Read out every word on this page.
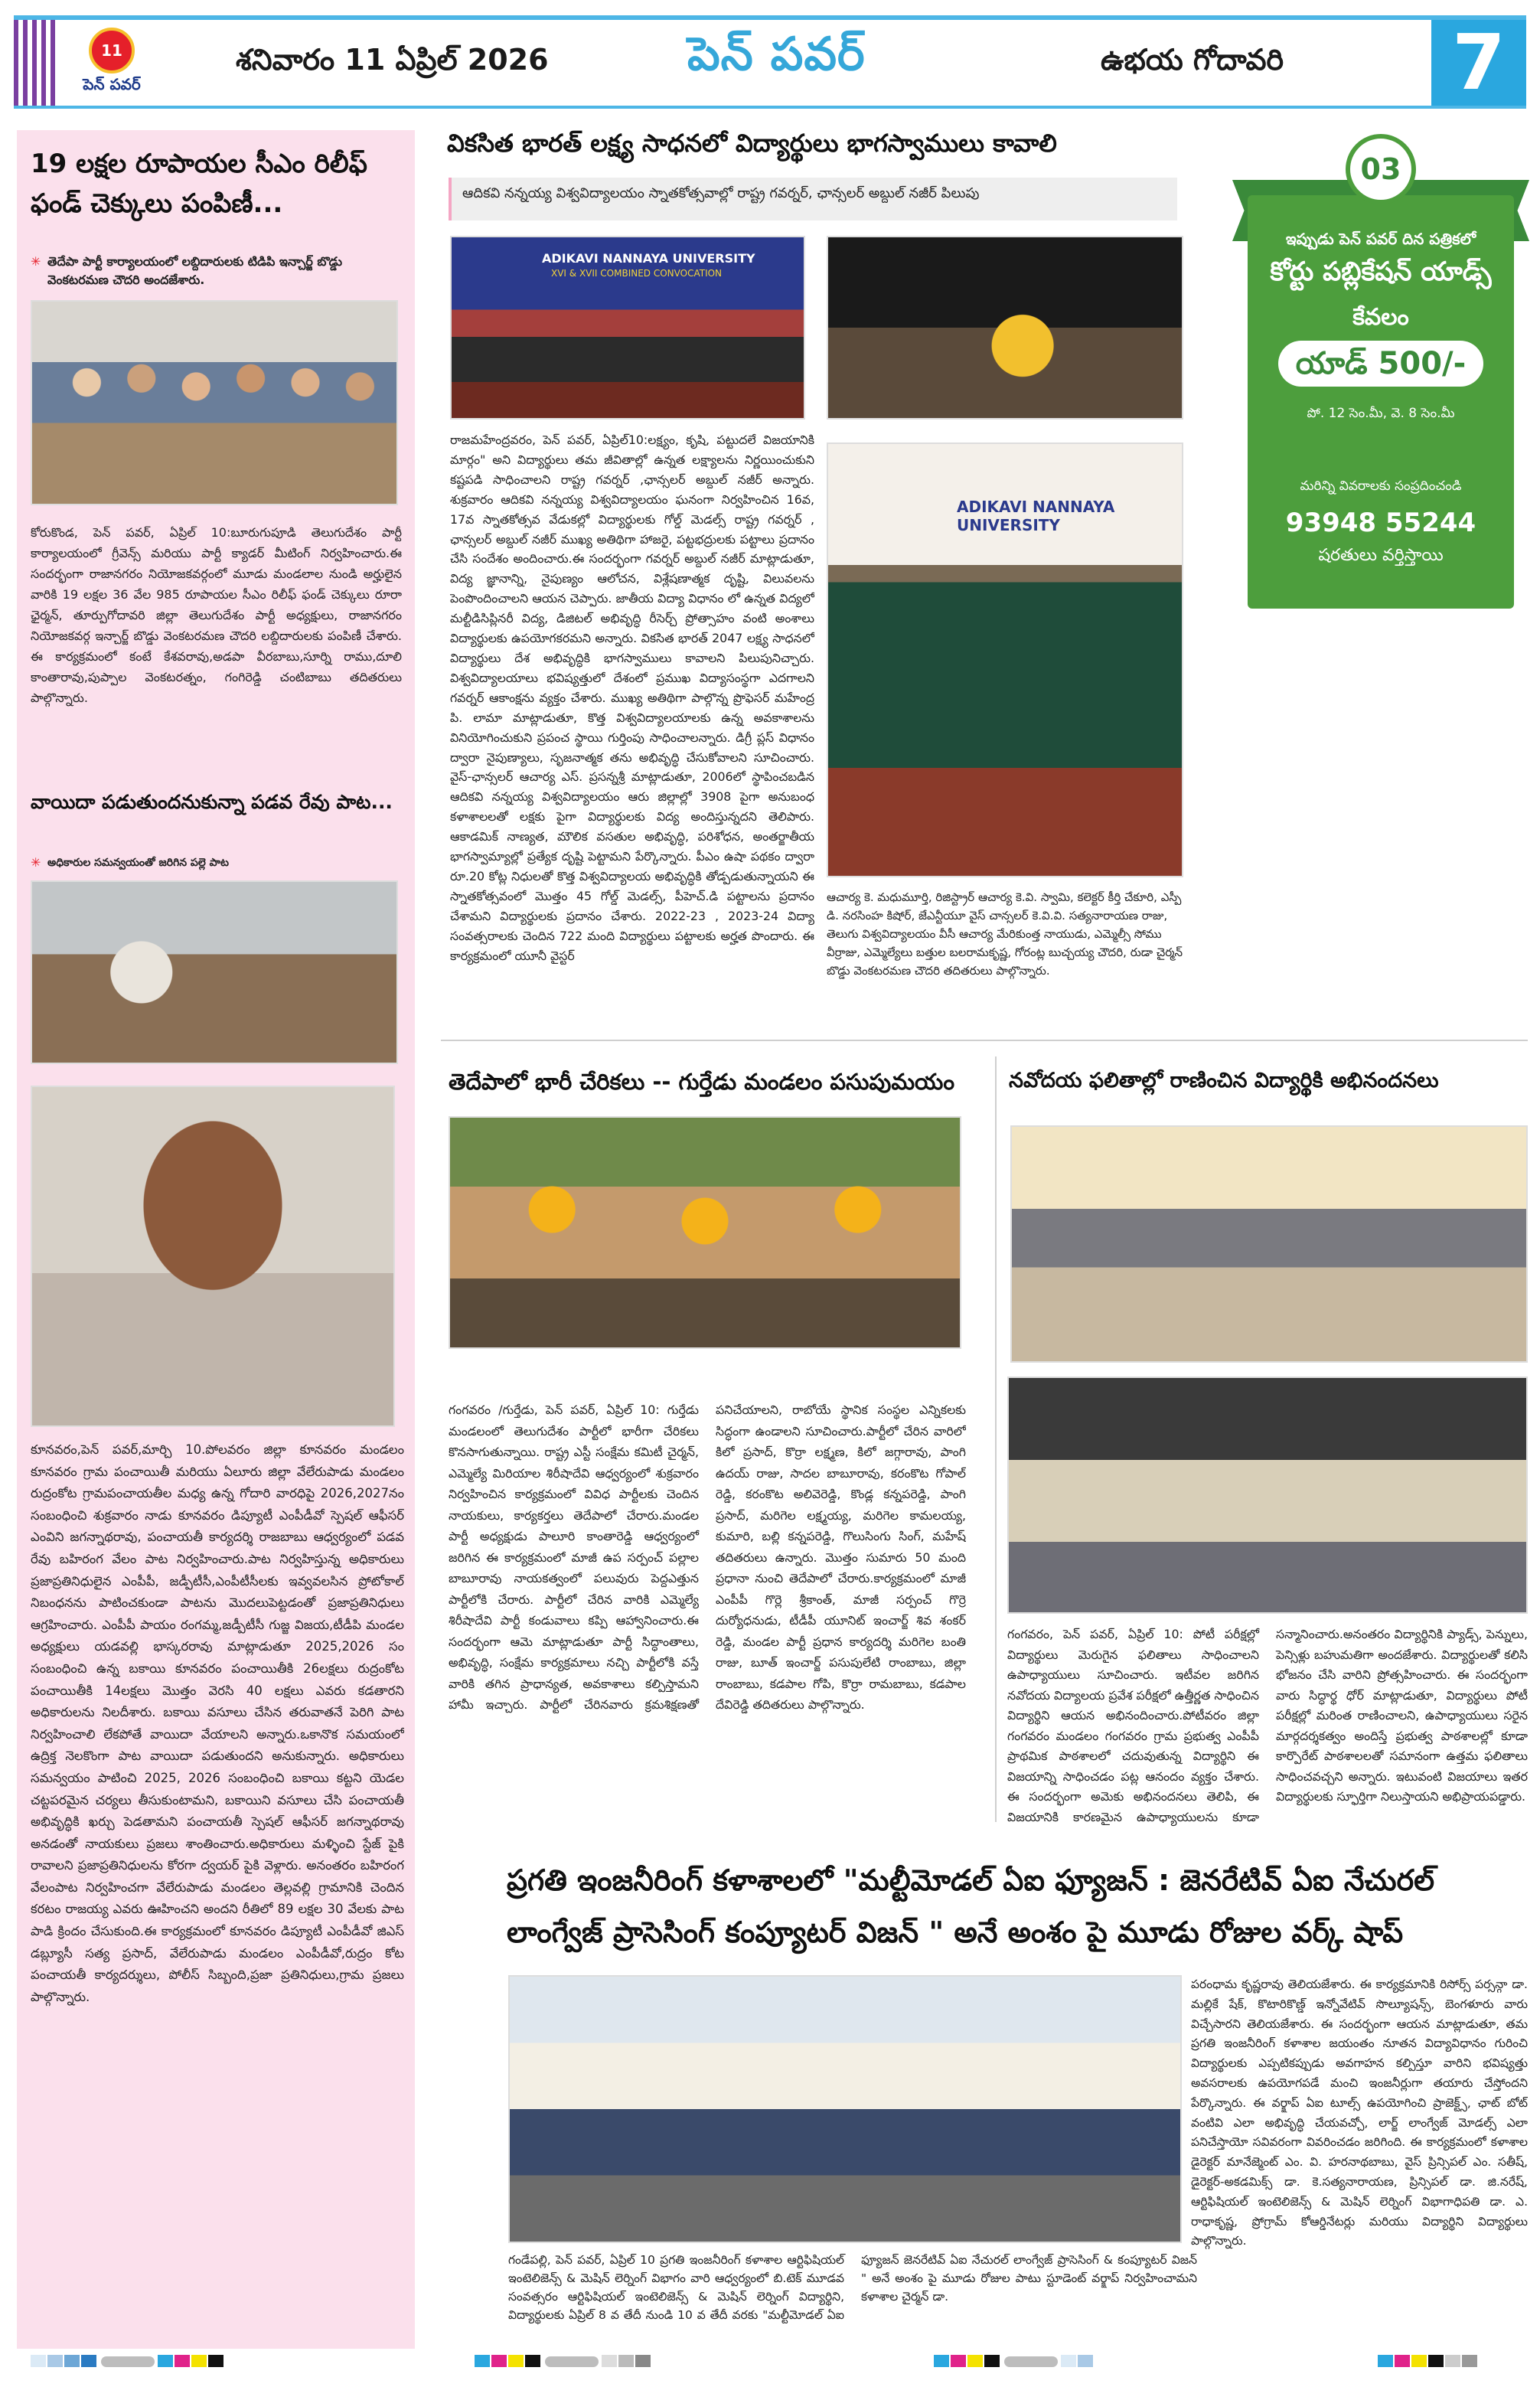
11
పెన్ పవర్
శనివారం 11 ఏప్రిల్ 2026	పెన్ పవర్	ఉభయ గోదావరి 7
19 లక్షల రూపాయల సీఎం రిలీఫ్ ఫండ్ చెక్కులు పంపిణీ...
✳ తెదేపా పార్టీ కార్యాలయంలో లబ్దిదారులకు టిడిపి ఇన్చార్జ్ బొడ్డు వెంకటరమణ చౌదరి అందజేశారు.
కోరుకొండ, పెన్ పవర్, ఏప్రిల్ 10:బూరుగుపూడి తెలుగుదేశం పార్టీ కార్యాలయంలో గ్రీవెన్స్ మరియు పార్టీ క్యాడర్ మీటింగ్ నిర్వహించారు.ఈ సందర్భంగా రాజానగరం నియోజకవర్గంలో మూడు మండలాల నుండి అర్హులైన వారికి 19 లక్షల 36 వేల 985 రూపాయల సీఎం రిలీఫ్ ఫండ్ చెక్కులు రూరా ఛైర్మన్, తూర్పుగోదావరి జిల్లా తెలుగుదేశం పార్టీ అధ్యక్షులు, రాజానగరం నియోజకవర్గ ఇన్చార్జ్ బొడ్డు వెంకటరమణ చౌదరి లబ్దిదారులకు పంపిణీ చేశారు. ఈ కార్యక్రమంలో కంటే కేశవరావు,అడపా వీరబాబు,సూర్ని రాము,దూలి కాంతారావు,పుప్పాల వెంకటరత్నం, గంగిరెడ్డి చంటిబాబు తదితరులు పాల్గొన్నారు.
వాయిదా పడుతుందనుకున్నా పడవ రేవు పాట...
✳ అధికారుల సమన్వయంతో జరిగిన పల్లె పాట
✳
✳
కూనవరం,పెన్ పవర్,మార్చి 10.పోలవరం జిల్లా కూనవరం మండలం కూనవరం గ్రామ పంచాయితీ మరియు ఏలూరు జిల్లా వేలేరుపాడు మండలం రుద్రంకోట గ్రామపంచాయతీల మధ్య ఉన్న గోదారి వారధిపై 2026,2027నం సంబంధించి శుక్రవారం నాడు కూనవరం డిప్యూటీ ఎంపీడీవో స్పెషల్ ఆఫీసర్ ఎంవిని జగన్నాథరావు, పంచాయతీ కార్యదర్శి రాజబాబు ఆధ్వర్యంలో పడవ రేవు బహిరంగ వేలం పాట నిర్వహించారు.పాట నిర్వహిస్తున్న అధికారులు ప్రజాప్రతినిధులైన ఎంపీపీ, జడ్పీటీసీ,ఎంపీటీసీలకు ఇవ్వవలసిన ప్రోటోకాల్ నిబంధనను పాటించకుండా పాటను మొదలుపెట్టడంతో ప్రజాప్రతినిధులు ఆగ్రహించారు. ఎంపీపీ పాయం రంగమ్మ,జడ్పీటీసీ గుజ్జ విజయ,టీడీపి మండల అధ్యక్షులు యడవల్లి భాస్కరరావు మాట్లాడుతూ 2025,2026 సం సంబంధించి ఉన్న బకాయి కూనవరం పంచాయితీకి 26లక్షలు రుద్రంకోట పంచాయితీకి 14లక్షలు మొత్తం వెరసి 40 లక్షలు ఎవరు కడతారని అధికారులను నిలదీశారు. బకాయి వసూలు చేసిన తరువాతనే పెరిగి పాట నిర్వహించాలి లేకపోతే వాయిదా వేయాలని అన్నారు.ఒకానొక సమయంలో ఉద్రిక్త నెలకొంగా పాట వాయిదా పడుతుందని అనుకున్నారు. అధికారులు సమన్వయం పాటించి 2025, 2026 సంబంధించి బకాయి కట్టని యెడల చట్టపరమైన చర్యలు తీసుకుంటామని, బకాయిని వసూలు చేసి పంచాయతీ అభివృద్ధికి ఖర్చు పెడతామని పంచాయతీ స్పెషల్ ఆఫీసర్ జగన్నాథరావు అనడంతో నాయకులు ప్రజలు శాంతించారు.అధికారులు మళ్ళించి స్టేజ్ పైకి రావాలని ప్రజాప్రతినిధులను కోరగా ద్వయర్ పైకి వెళ్లారు. అనంతరం బహిరంగ వేలంపాట నిర్వహించగా వేలేరుపాడు మండలం తెల్లవల్లి గ్రామానికి చెందిన కరటం రాజయ్య ఎవరు ఊహించని అందని రీతిలో 89 లక్షల 30 వేలకు పాట పాడి క్రిందం చేసుకుంది.ఈ కార్యక్రమంలో కూనవరం డిప్యూటీ ఎంపీడీవో జిఎస్ డబ్ల్యూసీ సత్య ప్రసాద్, వేలేరుపాడు మండలం ఎంపీడీవో,రుద్రం కోట పంచాయతీ కార్యదర్శులు, పోలీస్ సిబ్బంది,ప్రజా ప్రతినిధులు,గ్రామ ప్రజలు పాల్గొన్నారు.
వికసిత భారత్ లక్ష్య సాధనలో విద్యార్థులు భాగస్వాములు కావాలి
ఆదికవి నన్నయ్య విశ్వవిద్యాలయం స్నాతకోత్సవాల్లో రాష్ట్ర గవర్నర్, ఛాన్సలర్ అబ్దుల్ నజీర్ పిలుపు
ADIKAVI NANNAYA UNIVERSITY
XVI & XVII COMBINED CONVOCATION
రాజమహేంద్రవరం, పెన్ పవర్, ఏప్రిల్10:లక్ష్యం, కృషి, పట్టుదలే విజయానికి మార్గం" అని విద్యార్థులు తమ జీవితాల్లో ఉన్నత లక్ష్యాలను నిర్ణయించుకుని కష్టపడి సాధించాలని రాష్ట్ర గవర్నర్ ,ఛాన్సలర్ అబ్దుల్ నజీర్ అన్నారు. శుక్రవారం ఆదికవి నన్నయ్య విశ్వవిద్యాలయం ఘనంగా నిర్వహించిన 16వ, 17వ స్నాతకోత్సవ వేడుకల్లో విద్యార్థులకు గోల్డ్ మెడల్స్ రాష్ట్ర గవర్నర్ , ఛాన్సలర్ అబ్దుల్ నజీర్ ముఖ్య అతిథిగా హాజరై, పట్టభద్రులకు పట్టాలు ప్రదానం చేసి సందేశం అందించారు.ఈ సందర్భంగా గవర్నర్ అబ్దుల్ నజీర్ మాట్లాడుతూ, విద్య జ్ఞానాన్ని, నైపుణ్యం ఆలోచన, విశ్లేషణాత్మక దృష్టి, విలువలను పెంపొందించాలని ఆయన చెప్పారు. జాతీయ విద్యా విధానం లో ఉన్నత విద్యలో మల్టీడిసిప్లినరీ విద్య, డిజిటల్ అభివృద్ధి రీసెర్చ్ ప్రోత్సాహం వంటి అంశాలు విద్యార్థులకు ఉపయోగకరమని అన్నారు. వికసిత భారత్ 2047 లక్ష్య సాధనలో విద్యార్థులు దేశ అభివృద్ధికి భాగస్వాములు కావాలని పిలుపునిచ్చారు. విశ్వవిద్యాలయాలు భవిష్యత్తులో దేశంలో ప్రముఖ విద్యాసంస్థగా ఎదగాలని గవర్నర్ ఆకాంక్షను వ్యక్తం చేశారు. ముఖ్య అతిథిగా పాల్గొన్న ప్రొఫెసర్ మహేంద్ర పి. లామా మాట్లాడుతూ, కొత్త విశ్వవిద్యాలయాలకు ఉన్న అవకాశాలను వినియోగించుకుని ప్రపంచ స్థాయి గుర్తింపు సాధించాలన్నారు. డిగ్రీ ప్లస్ విధానం ద్వారా నైపుణ్యాలు, సృజనాత్మక తను అభివృద్ధి చేసుకోవాలని సూచించారు. వైస్-ఛాన్సలర్ ఆచార్య ఎస్. ప్రసన్నశ్రీ మాట్లాడుతూ, 2006లో స్థాపించబడిన ఆదికవి నన్నయ్య విశ్వవిద్యాలయం ఆరు జిల్లాల్లో 3908 పైగా అనుబంధ కళాశాలలతో లక్షకు పైగా విద్యార్థులకు విద్య అందిస్తున్నదని తెలిపారు. ఆకాడమిక్ నాణ్యత, మౌలిక వసతుల అభివృద్ధి, పరిశోధన, అంతర్జాతీయ భాగస్వామ్యాల్లో ప్రత్యేక దృష్టి పెట్టామని పేర్కొన్నారు. పీఎం ఉషా పథకం ద్వారా రూ.20 కోట్ల నిధులతో కొత్త విశ్వవిద్యాలయ అభివృద్ధికి తోడ్పడుతున్నాయని ఈ స్నాతకోత్సవంలో మొత్తం 45 గోల్డ్ మెడల్స్, పీహెచ్.డి పట్టాలను ప్రదానం చేశామని విద్యార్థులకు ప్రదానం చేశారు. 2022-23 , 2023-24 విద్యా సంవత్సరాలకు చెందిన 722 మంది విద్యార్థులు పట్టాలకు అర్హత పొందారు. ఈ కార్యక్రమంలో యూనీ వైస్టర్
ADIKAVI NANNAYA UNIVERSITY
ఆచార్య కె. మధుమూర్తి, రిజిస్ట్రార్ ఆచార్య కె.వి. స్వామి, కలెక్టర్ కీర్తి చేకూరి, ఎస్పీ డి. నరసింహ కిషోర్, జేఎన్టీయూ వైస్ చాన్సలర్ కె.వి.వి. సత్యనారాయణ రాజు, తెలుగు విశ్వవిద్యాలయం వీసీ ఆచార్య మేరికుంత్త నాయుడు, ఎమ్మెల్సీ సోము వీర్రాజు, ఎమ్మెల్యేలు బత్తుల బలరామకృష్ణ, గోరంట్ల బుచ్చయ్య చౌదరి, రుడా చైర్మన్ బొడ్డు వెంకటరమణ చౌదరి తదితరులు పాల్గొన్నారు.
03
ఇప్పుడు పెన్ పవర్ దిన పత్రికలో
కోర్టు పబ్లికేషన్ యాడ్స్
కేవలం
యాడ్ 500/-
పో. 12 సెం.మీ, వె. 8 సెం.మీ
మరిన్ని వివరాలకు సంప్రదించండి
93948 55244
షరతులు వర్తిస్తాయి
తెదేపాలో భారీ చేరికలు -- గుర్తేడు మండలం పసుపుమయం
గంగవరం /గుర్తేడు, పెన్ పవర్, ఏప్రిల్ 10: గుర్తేడు మండలంలో తెలుగుదేశం పార్టీలో భారీగా చేరికలు కొనసాగుతున్నాయి. రాష్ట్ర ఎస్టీ సంక్షేమ కమిటీ చైర్మన్, ఎమ్మెల్యే మిరియాల శిరీషాదేవి ఆధ్వర్యంలో శుక్రవారం నిర్వహించిన కార్యక్రమంలో వివిధ పార్టీలకు చెందిన నాయకులు, కార్యకర్తలు తెదేపాలో చేరారు.మండల పార్టీ అధ్యక్షుడు పాలూరి కాంతారెడ్డి ఆధ్వర్యంలో జరిగిన ఈ కార్యక్రమంలో మాజీ ఉప సర్పంచ్ పల్లాల బాబూరావు నాయకత్వంలో పలువురు పెద్దఎత్తున పార్టీలోకి చేరారు. పార్టీలో చేరిన వారికి ఎమ్మెల్యే శిరీషాదేవి పార్టీ కండువాలు కప్పి ఆహ్వానించారు.ఈ సందర్భంగా ఆమె మాట్లాడుతూ పార్టీ సిద్ధాంతాలు, అభివృద్ధి, సంక్షేమ కార్యక్రమాలు నచ్చి పార్టీలోకి వస్తే వారికి తగిన ప్రాధాన్యత, అవకాశాలు కల్పిస్తామని హామీ ఇచ్చారు. పార్టీలో చేరినవారు క్రమశిక్షణతో పనిచేయాలని, రాబోయే స్థానిక సంస్థల ఎన్నికలకు సిద్ధంగా ఉండాలని సూచించారు.పార్టీలో చేరిన వారిలో కిలో ప్రసాద్, కొర్రా లక్ష్మణ, కిలో జగ్గారావు, పాంగి ఉదయ్ రాజు, సాదల బాబూరావు, కరంకొట గోపాల్ రెడ్డి, కరంకొట అలివెరెడ్డి, కొండ్ల కన్నపరెడ్డి, పాంగి ప్రసాద్, మరిగెల లక్ష్మయ్య, మరిగెల కామలయ్య, కుమారి, బల్లి కన్నపరెడ్డి, గొలుసింగు సింగ్, మహేష్ తదితరులు ఉన్నారు. మొత్తం సుమారు 50 మంది ప్రధానా నుంచి తెదేపాలో చేరారు.కార్యక్రమంలో మాజీ ఎంపీపీ గొర్లె శ్రీకాంత్, మాజీ సర్పంచ్ గొర్రె దుర్యోధనుడు, టీడీపీ యూనిట్ ఇంచార్జ్ శివ శంకర్ రెడ్డి, మండల పార్టీ ప్రధాన కార్యదర్శి మరిగెల బంతి రాజు, బూత్ ఇంచార్జ్ పసుపులేటి రాంబాబు, జిల్లా రాంబాబు, కడపాల గోపి, కొర్రా రామబాబు, కడపాల దేవిరెడ్డి తదితరులు పాల్గొన్నారు.
నవోదయ ఫలితాల్లో రాణించిన విద్యార్థికి అభినందనలు
గంగవరం, పెన్ పవర్, ఏప్రిల్ 10: పోటీ పరీక్షల్లో విద్యార్థులు మెరుగైన ఫలితాలు సాధించాలని ఉపాధ్యాయులు సూచించారు. ఇటీవల జరిగిన నవోదయ విద్యాలయ ప్రవేశ పరీక్షలో ఉత్తీర్ణత సాధించిన విద్యార్థిని ఆయన అభినందించారు.పోటీవరం జిల్లా గంగవరం మండలం గంగవరం గ్రామ ప్రభుత్వ ఎంపీపీ ప్రాథమిక పాఠశాలలో చదువుతున్న విద్యార్థిని ఈ విజయాన్ని సాధించడం పట్ల ఆనందం వ్యక్తం చేశారు. ఈ సందర్భంగా అమెకు అభినందనలు తెలిపి, ఈ విజయానికి కారణమైన ఉపాధ్యాయులను కూడా సన్మానించారు.అనంతరం విద్యార్థినికి ప్యాడ్స్, పెన్నులు, పెన్సిళ్లు బహుమతిగా అందజేశారు. విద్యార్థులతో కలిసి భోజనం చేసి వారిని ప్రోత్సహించారు. ఈ సందర్భంగా వారు సిద్ధార్థ ధోర్ మాట్లాడుతూ, విద్యార్థులు పోటీ పరీక్షల్లో మరింత రాణించాలని, ఉపాధ్యాయులు సరైన మార్గదర్శకత్వం అందిస్తే ప్రభుత్వ పాఠశాలల్లో కూడా కార్పొరేట్ పాఠశాలలతో సమానంగా ఉత్తమ ఫలితాలు సాధించవచ్చని అన్నారు. ఇటువంటి విజయాలు ఇతర విద్యార్థులకు స్ఫూర్తిగా నిలుస్తాయని అభిప్రాయపడ్డారు.
ప్రగతి ఇంజనీరింగ్ కళాశాలలో "మల్టీమోడల్ ఏఐ ఫ్యూజన్ : జెనరేటివ్ ఏఐ నేచురల్ లాంగ్వేజ్ ప్రాసెసింగ్ కంప్యూటర్ విజన్ " అనే అంశం పై మూడు రోజుల వర్క్ షాప్
గండేపల్లి, పెన్ పవర్, ఏప్రిల్ 10 ప్రగతి ఇంజనీరింగ్ కళాశాల ఆర్టిఫిషియల్ ఇంటెలిజెన్స్ & మెషిన్ లెర్నింగ్ విభాగం వారి ఆధ్వర్యంలో బి.టెక్ మూడవ సంవత్సరం ఆర్టిఫిషియల్ ఇంటెలిజెన్స్ & మెషిన్ లెర్నింగ్ విద్యార్థిని, విద్యార్థులకు ఏప్రిల్ 8 వ తేదీ నుండి 10 వ తేదీ వరకు "మల్టీమోడల్ ఏఐ ఫ్యూజన్ జెనరేటివ్ ఏఐ నేచురల్ లాంగ్వేజ్ ప్రాసెసింగ్ & కంప్యూటర్ విజన్ " అనే అంశం పై మూడు రోజుల పాటు స్టూడెంట్ వర్క్షాప్ నిర్వహించామని కళాశాల చైర్మన్ డా.
పరంధామ కృష్ణరావు తెలియజేశారు. ఈ కార్యక్రమానికి రిసోర్స్ పర్సన్గా డా. మల్లికే షేక్, కొటారికొణ్డ్ ఇన్నోవేటివ్ సొల్యూషన్స్, బెంగళూరు వారు విచ్చేసారని తెలియజేశారు. ఈ సందర్భంగా ఆయన మాట్లాడుతూ, తమ ప్రగతి ఇంజనీరింగ్ కళాశాల జయంతం నూతన విద్యావిధానం గురించి విద్యార్థులకు ఎప్పటికప్పుడు అవగాహన కల్పిస్తూ వారిని భవిష్యత్తు అవసరాలకు ఉపయోగపడే మంచి ఇంజనీర్లుగా తయారు చేస్తోందని పేర్కొన్నారు. ఈ వర్క్షాప్ ఏఐ టూల్స్ ఉపయోగించి ప్రాజెక్ట్స్, ఛాట్ బోట్ వంటివి ఎలా అభివృద్ధి చేయవచ్చో, లార్జ్ లాంగ్వేజ్ మోడల్స్ ఎలా పనిచేస్తాయో సవివరంగా వివరించడం జరిగింది. ఈ కార్యక్రమంలో కళాశాల డైరెక్టర్ మానేజ్మెంట్ ఎం. వి. హరనాథబాబు, వైస్ ప్రిన్సిపల్ ఎం. సతీష్, డైరెక్టర్-అకడమిక్స్ డా. కె.సత్యనారాయణ, ప్రిన్సిపల్ డా. జి.నరేష్, ఆర్టిఫిషియల్ ఇంటెలిజెన్స్ & మెషిన్ లెర్నింగ్ విభాగాధిపతి డా. ఎ. రాధాకృష్ణ, ప్రోగ్రామ్ కోఆర్డినేటర్లు మరియు విద్యార్థిని విద్యార్థులు పాల్గొన్నారు.
